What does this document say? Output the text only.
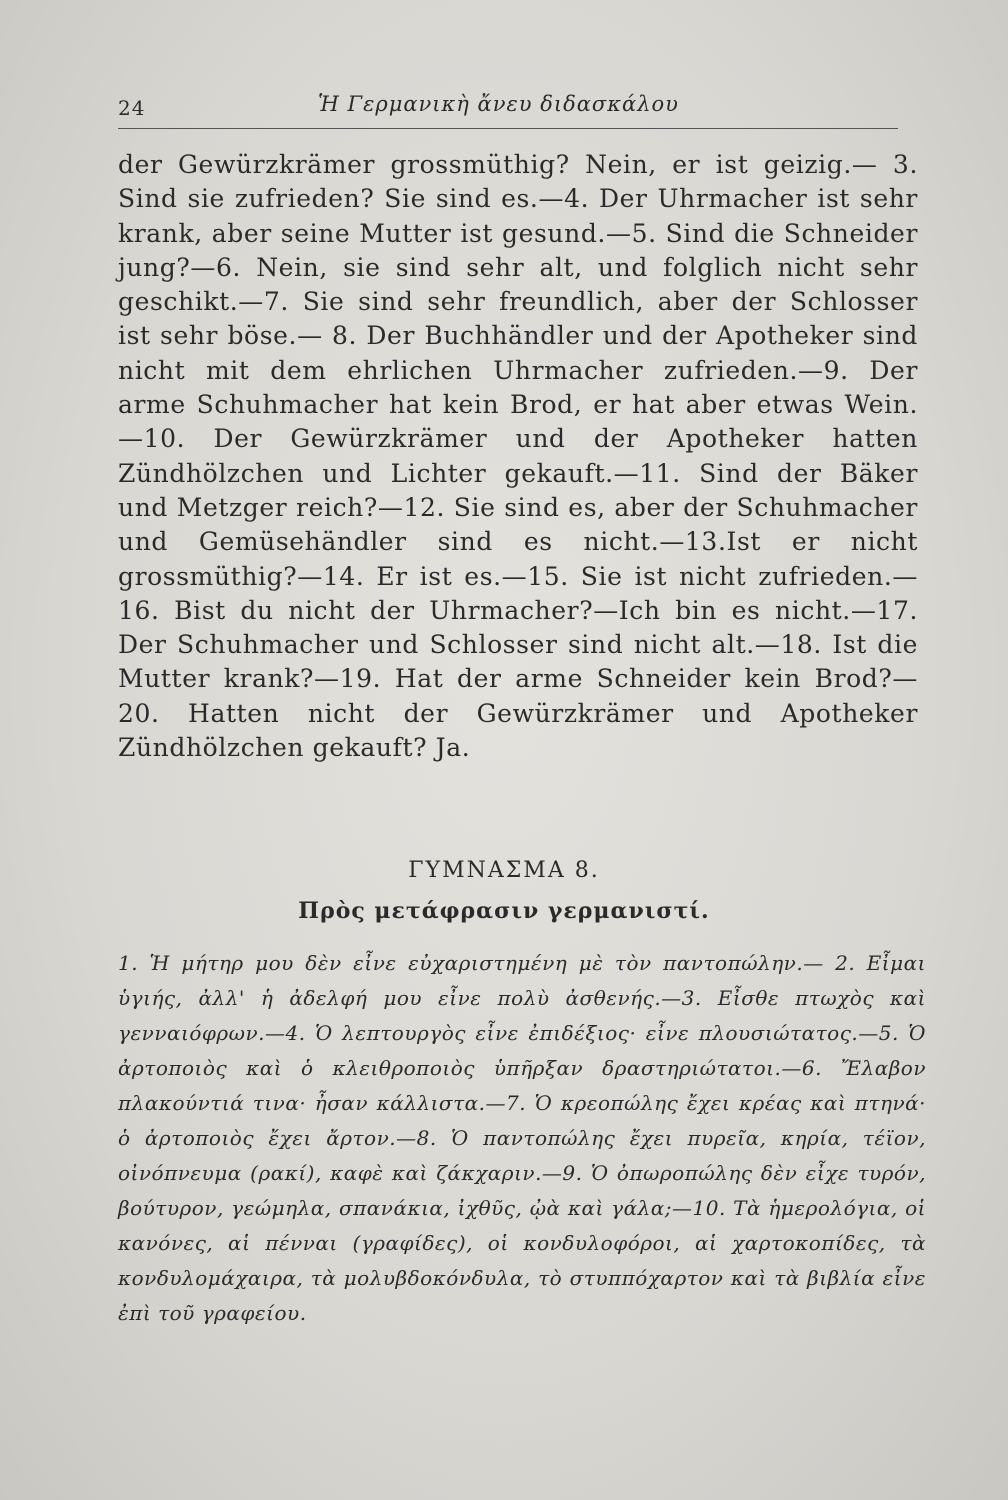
24	Ἡ Γερμανικὴ ἄνευ διδασκάλου

der Gewürzkrämer grossmüthig? Nein, er ist geizig.— 3. Sind sie zufrieden? Sie sind es.—4. Der Uhrmacher ist sehr krank, aber seine Mutter ist gesund.—5. Sind die Schneider jung?—6. Nein, sie sind sehr alt, und folglich nicht sehr geschikt.—7. Sie sind sehr freundlich, aber der Schlosser ist sehr böse.— 8. Der Buchhändler und der Apotheker sind nicht mit dem ehrlichen Uhrmacher zufrieden.—9. Der arme Schuhmacher hat kein Brod, er hat aber etwas Wein.—10. Der Gewürzkrämer und der Apotheker hatten Zündhölzchen und Lichter gekauft.—11. Sind der Bäker und Metzger reich?—12. Sie sind es, aber der Schuhmacher und Gemüsehändler sind es nicht.—13.Ist er nicht grossmüthig?—14. Er ist es.—15. Sie ist nicht zufrieden.—16. Bist du nicht der Uhrmacher?—Ich bin es nicht.—17. Der Schuhmacher und Schlosser sind nicht alt.—18. Ist die Mutter krank?—19. Hat der arme Schneider kein Brod?—20. Hatten nicht der Gewürzkrämer und Apotheker Zündhölzchen gekauft? Ja.

ΓΥΜΝΑΣΜΑ 8.
Πρὸς μετάφρασιν γερμανιστί.

1. Ἡ μήτηρ μου δὲν εἶνε εὐχαριστημένη μὲ τὸν παντοπώλην.— 2. Εἶμαι ὑγιής, ἀλλ' ἡ ἀδελφή μου εἶνε πολὺ ἀσθενής.—3. Εἶσθε πτωχὸς καὶ γενναιόφρων.—4. Ὁ λεπτουργὸς εἶνε ἐπιδέξιος· εἶνε πλουσιώτατος.—5. Ὁ ἀρτοποιὸς καὶ ὁ κλειθροποιὸς ὑπῆρξαν δραστηριώτατοι.—6. Ἔλαβον πλακούντιά τινα· ἦσαν κάλλιστα.—7. Ὁ κρεοπώλης ἔχει κρέας καὶ πτηνά· ὁ ἀρτοποιὸς ἔχει ἄρτον.—8. Ὁ παντοπώλης ἔχει πυρεῖα, κηρία, τέϊον, οἰνόπνευμα (ρακί), καφὲ καὶ ζάκχαριν.—9. Ὁ ὀπωροπώλης δὲν εἶχε τυρόν, βούτυρον, γεώμηλα, σπανάκια, ἰχθῦς, ᾠὰ καὶ γάλα;—10. Τὰ ἡμερολόγια, οἱ κανόνες, αἱ πένναι (γραφίδες), οἱ κονδυλοφόροι, αἱ χαρτοκοπίδες, τὰ κονδυλομάχαιρα, τὰ μολυβδοκόνδυλα, τὸ στυππόχαρτον καὶ τὰ βιβλία εἶνε ἐπὶ τοῦ γραφείου.
